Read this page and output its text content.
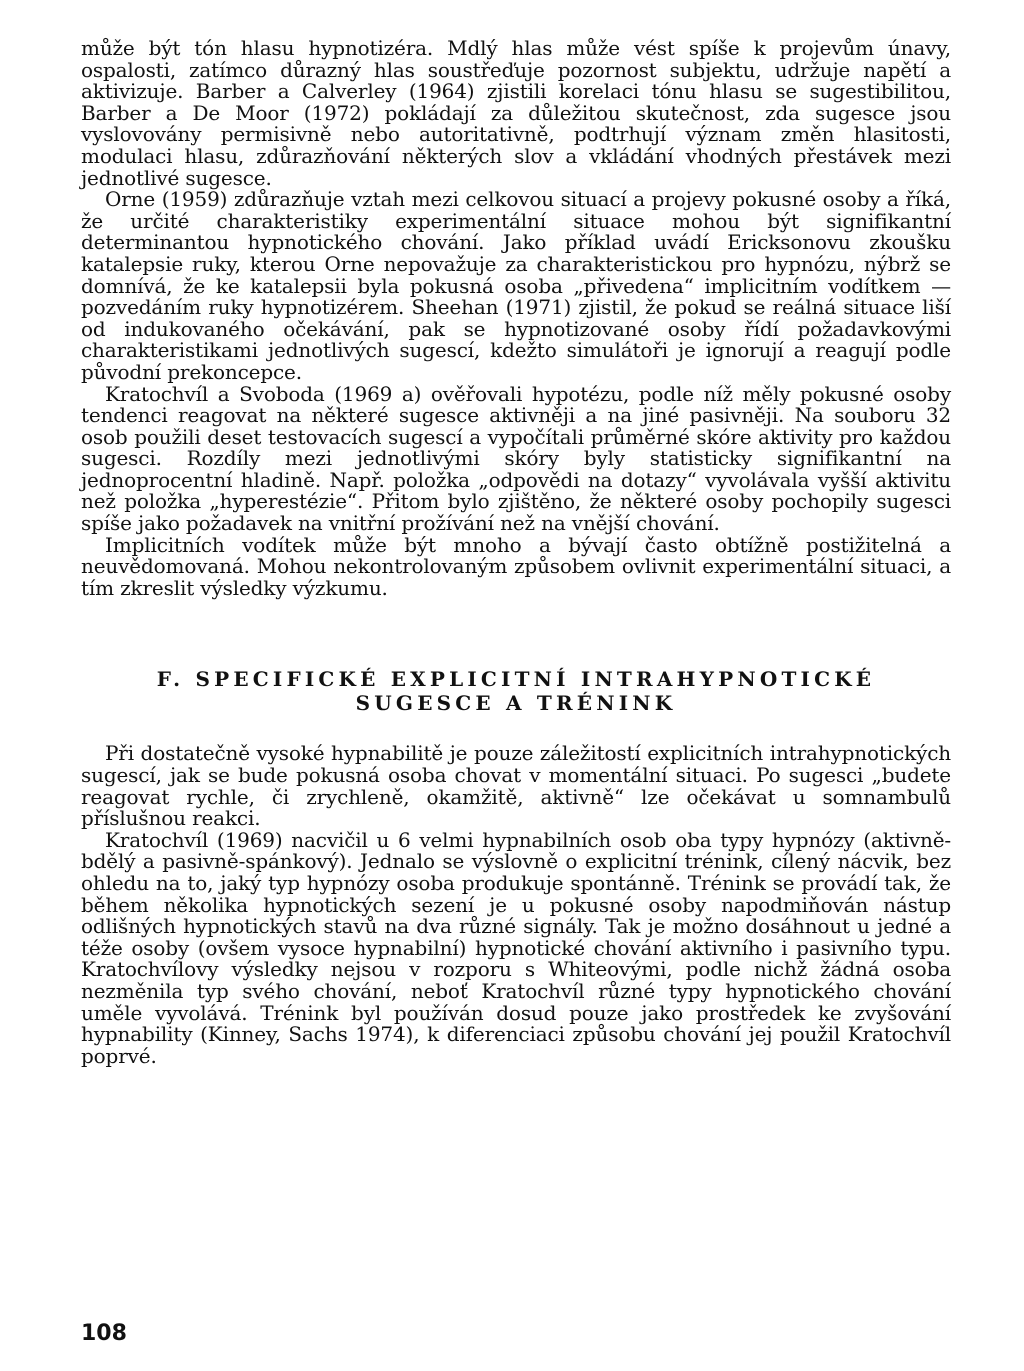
může být tón hlasu hypnotizéra. Mdlý hlas může vést spíše k projevům únavy, ospalosti, zatímco důrazný hlas soustřeďuje pozornost subjektu, udržuje napětí a aktivizuje. Barber a Calverley (1964) zjistili korelaci tónu hlasu se sugestibilitou, Barber a De Moor (1972) pokládají za důležitou skutečnost, zda sugesce jsou vyslovovány permisivně nebo autoritativně, podtrhují význam změn hlasitosti, modulaci hlasu, zdůrazňování některých slov a vkládání vhodných přestávek mezi jednotlivé sugesce.

Orne (1959) zdůrazňuje vztah mezi celkovou situací a projevy pokusné osoby a říká, že určité charakteristiky experimentální situace mohou být signifikantní determinantou hypnotického chování. Jako příklad uvádí Ericksonovu zkoušku katalepsie ruky, kterou Orne nepovažuje za charakteristickou pro hypnózu, nýbrž se domnívá, že ke katalepsii byla pokusná osoba „přivedena“ implicitním vodítkem — pozvedáním ruky hypnotizérem. Sheehan (1971) zjistil, že pokud se reálná situace liší od indukovaného očekávání, pak se hypnotizované osoby řídí požadavkovými charakteristikami jednotlivých sugescí, kdežto simulátoři je ignorují a reagují podle původní prekoncepce.

Kratochvíl a Svoboda (1969 a) ověřovali hypotézu, podle níž měly pokusné osoby tendenci reagovat na některé sugesce aktivněji a na jiné pasivněji. Na souboru 32 osob použili deset testovacích sugescí a vypočítali průměrné skóre aktivity pro každou sugesci. Rozdíly mezi jednotlivými skóry byly statisticky signifikantní na jednoprocentní hladině. Např. položka „odpovědi na dotazy“ vyvolávala vyšší aktivitu než položka „hyperestézie“. Přitom bylo zjištěno, že některé osoby pochopily sugesci spíše jako požadavek na vnitřní prožívání než na vnější chování.

Implicitních vodítek může být mnoho a bývají často obtížně postižitelná a neuvědomovaná. Mohou nekontrolovaným způsobem ovlivnit experimentální situaci, a tím zkreslit výsledky výzkumu.

F. SPECIFICKÉ EXPLICITNÍ INTRAHYPNOTICKÉ
SUGESCE A TRÉNINK

Při dostatečně vysoké hypnabilitě je pouze záležitostí explicitních intrahypnotických sugescí, jak se bude pokusná osoba chovat v momentální situaci. Po sugesci „budete reagovat rychle, či zrychleně, okamžitě, aktivně“ lze očekávat u somnambulů příslušnou reakci.

Kratochvíl (1969) nacvičil u 6 velmi hypnabilních osob oba typy hypnózy (aktivně-bdělý a pasivně-spánkový). Jednalo se výslovně o explicitní trénink, cílený nácvik, bez ohledu na to, jaký typ hypnózy osoba produkuje spontánně. Trénink se provádí tak, že během několika hypnotických sezení je u pokusné osoby napodmiňován nástup odlišných hypnotických stavů na dva různé signály. Tak je možno dosáhnout u jedné a téže osoby (ovšem vysoce hypnabilní) hypnotické chování aktivního i pasivního typu. Kratochvílovy výsledky nejsou v rozporu s Whiteovými, podle nichž žádná osoba nezměnila typ svého chování, neboť Kratochvíl různé typy hypnotického chování uměle vyvolává. Trénink byl používán dosud pouze jako prostředek ke zvyšování hypnability (Kinney, Sachs 1974), k diferenciaci způsobu chování jej použil Kratochvíl poprvé.

108
